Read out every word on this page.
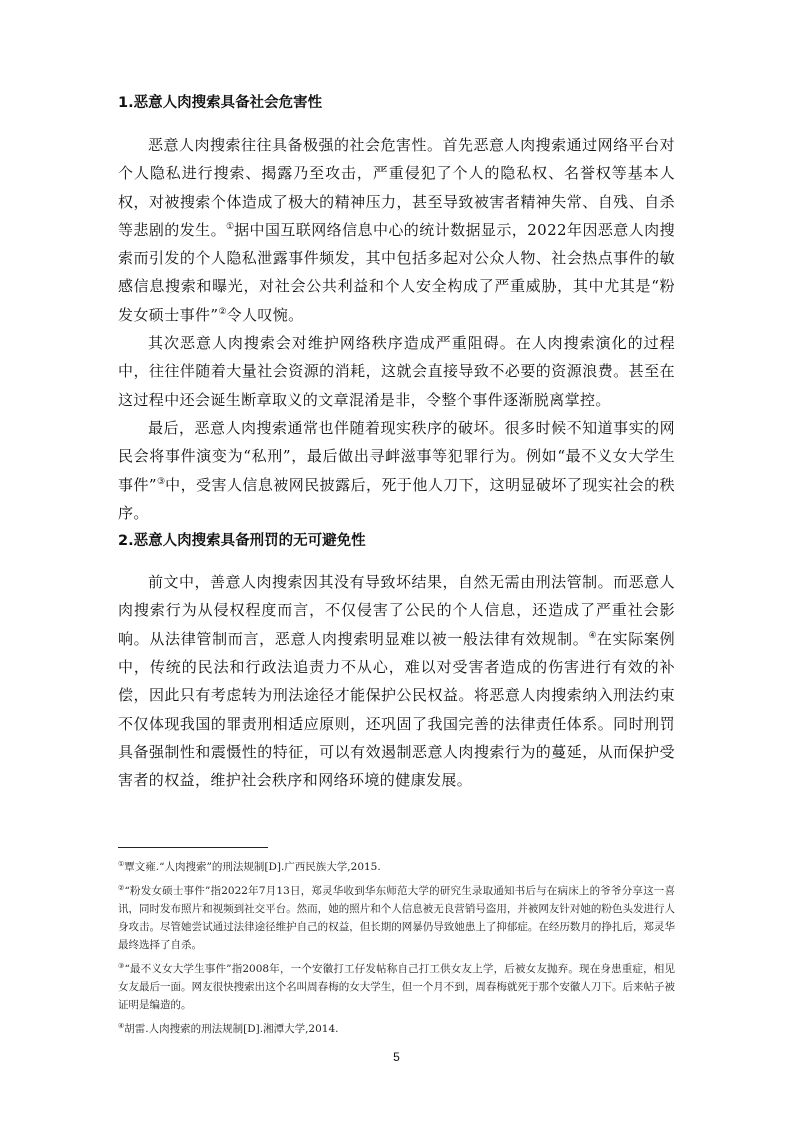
1.恶意人肉搜索具备社会危害性

恶意人肉搜索往往具备极强的社会危害性。首先恶意人肉搜索通过网络平台对个人隐私进行搜索、揭露乃至攻击，严重侵犯了个人的隐私权、名誉权等基本人权，对被搜索个体造成了极大的精神压力，甚至导致被害者精神失常、自残、自杀等悲剧的发生。①据中国互联网络信息中心的统计数据显示，2022年因恶意人肉搜索而引发的个人隐私泄露事件频发，其中包括多起对公众人物、社会热点事件的敏感信息搜索和曝光，对社会公共利益和个人安全构成了严重威胁，其中尤其是“粉发女硕士事件”②令人叹惋。

其次恶意人肉搜索会对维护网络秩序造成严重阻碍。在人肉搜索演化的过程中，往往伴随着大量社会资源的消耗，这就会直接导致不必要的资源浪费。甚至在这过程中还会诞生断章取义的文章混淆是非，令整个事件逐渐脱离掌控。

最后，恶意人肉搜索通常也伴随着现实秩序的破坏。很多时候不知道事实的网民会将事件演变为“私刑”，最后做出寻衅滋事等犯罪行为。例如“最不义女大学生事件”③中，受害人信息被网民披露后，死于他人刀下，这明显破坏了现实社会的秩序。

2.恶意人肉搜索具备刑罚的无可避免性

前文中，善意人肉搜索因其没有导致坏结果，自然无需由刑法管制。而恶意人肉搜索行为从侵权程度而言，不仅侵害了公民的个人信息，还造成了严重社会影响。从法律管制而言，恶意人肉搜索明显难以被一般法律有效规制。④在实际案例中，传统的民法和行政法追责力不从心，难以对受害者造成的伤害进行有效的补偿，因此只有考虑转为刑法途径才能保护公民权益。将恶意人肉搜索纳入刑法约束不仅体现我国的罪责刑相适应原则，还巩固了我国完善的法律责任体系。同时刑罚具备强制性和震慑性的特征，可以有效遏制恶意人肉搜索行为的蔓延，从而保护受害者的权益，维护社会秩序和网络环境的健康发展。

①覃文雍.“人肉搜索”的刑法规制[D].广西民族大学,2015.
②“粉发女硕士事件”指2022年7月13日，郑灵华收到华东师范大学的研究生录取通知书后与在病床上的爷爷分享这一喜讯，同时发布照片和视频到社交平台。然而，她的照片和个人信息被无良营销号盗用，并被网友针对她的粉色头发进行人身攻击。尽管她尝试通过法律途径维护自己的权益，但长期的网暴仍导致她患上了抑郁症。在经历数月的挣扎后，郑灵华最终选择了自杀。
③“最不义女大学生事件”指2008年，一个安徽打工仔发帖称自己打工供女友上学，后被女友抛弃。现在身患重症，相见女友最后一面。网友很快搜索出这个名叫周春梅的女大学生，但一个月不到，周春梅就死于那个安徽人刀下。后来帖子被证明是编造的。
④胡雷.人肉搜索的刑法规制[D].湘潭大学,2014.
5
